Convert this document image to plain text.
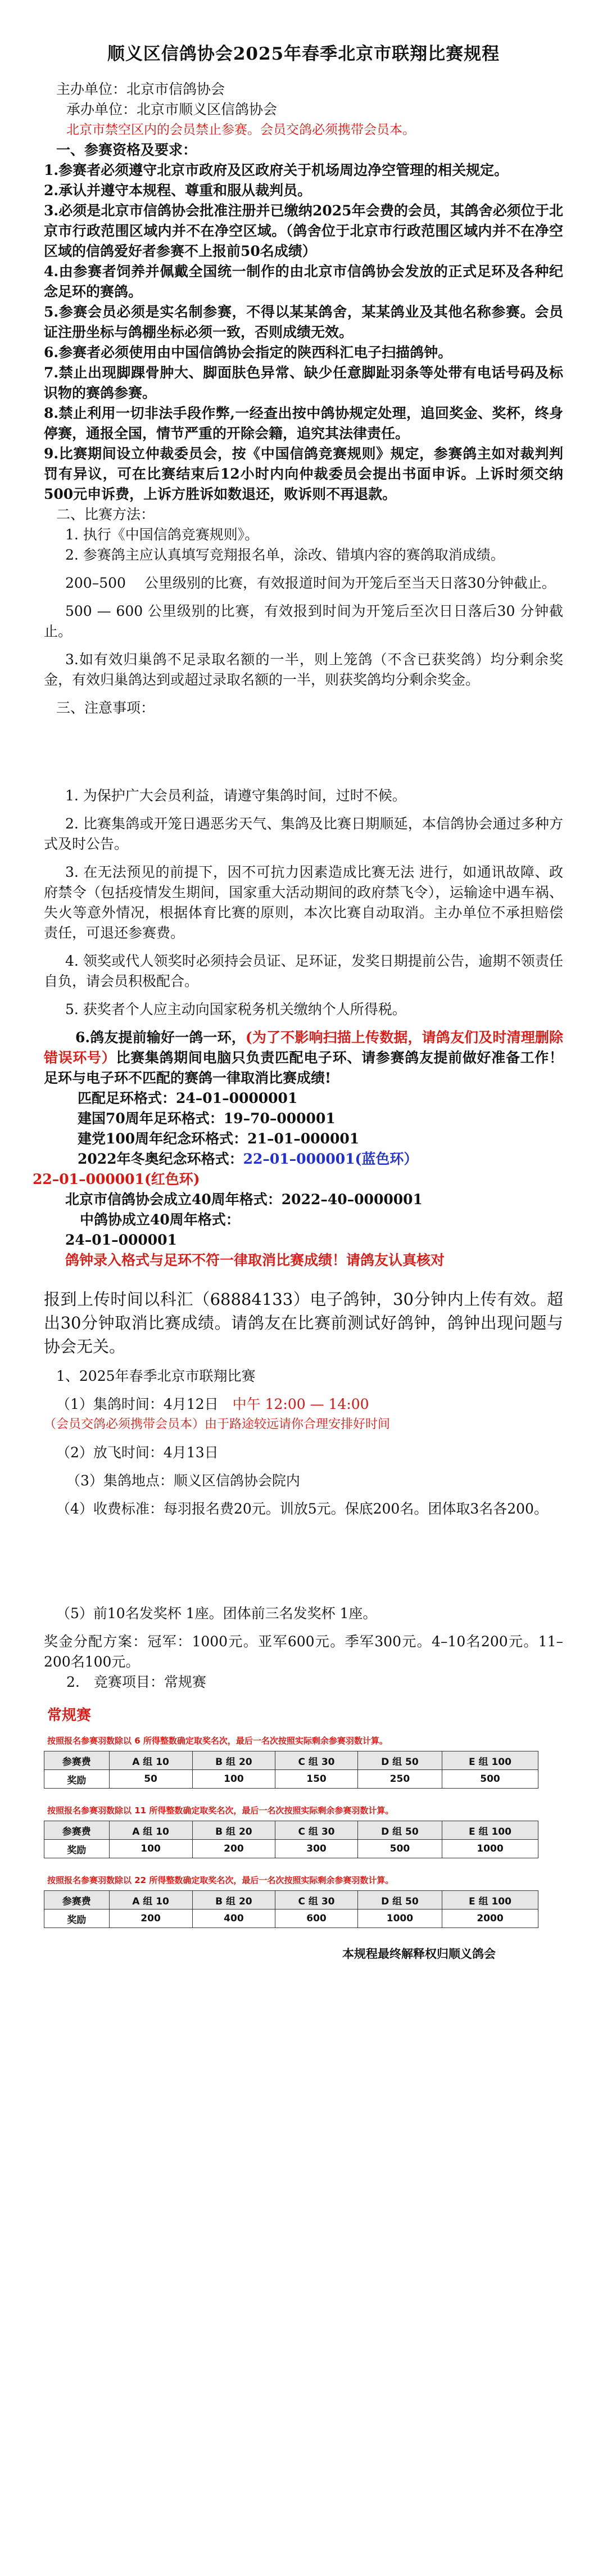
顺义区信鸽协会2025年春季北京市联翔比赛规程

主办单位：北京市信鸽协会

承办单位：北京市顺义区信鸽协会

北京市禁空区内的会员禁止参赛。会员交鸽必须携带会员本。

一、参赛资格及要求：

1.参赛者必须遵守北京市政府及区政府关于机场周边净空管理的相关规定。

2.承认并遵守本规程、尊重和服从裁判员。

3.必须是北京市信鸽协会批准注册并已缴纳2025年会费的会员，其鸽舍必须位于北京市行政范围区域内并不在净空区域。（鸽舍位于北京市行政范围区域内并不在净空区域的信鸽爱好者参赛不上报前50名成绩）

4.由参赛者饲养并佩戴全国统一制作的由北京市信鸽协会发放的正式足环及各种纪念足环的赛鸽。

5.参赛会员必须是实名制参赛，不得以某某鸽舍，某某鸽业及其他名称参赛。会员证注册坐标与鸽棚坐标必须一致，否则成绩无效。

6.参赛者必须使用由中国信鸽协会指定的陕西科汇电子扫描鸽钟。

7.禁止出现脚踝骨肿大、脚面肤色异常、缺少任意脚趾羽条等处带有电话号码及标识物的赛鸽参赛。

8.禁止利用一切非法手段作弊,一经查出按中鸽协规定处理，追回奖金、奖杯，终身停赛，通报全国，情节严重的开除会籍，追究其法律责任。

9.比赛期间设立仲裁委员会，按《中国信鸽竞赛规则》规定，参赛鸽主如对裁判判罚有异议，可在比赛结束后12小时内向仲裁委员会提出书面申诉。上诉时须交纳500元申诉费，上诉方胜诉如数退还，败诉则不再退款。

二、比赛方法：

1. 执行《中国信鸽竞赛规则》。

2. 参赛鸽主应认真填写竞翔报名单，涂改、错填内容的赛鸽取消成绩。

200–500　 公里级别的比赛，有效报道时间为开笼后至当天日落30分钟截止。

500 — 600 公里级别的比赛，有效报到时间为开笼后至次日日落后30 分钟截止。

3.如有效归巢鸽不足录取名额的一半，则上笼鸽（不含已获奖鸽）均分剩余奖金，有效归巢鸽达到或超过录取名额的一半，则获奖鸽均分剩余奖金。

三、注意事项：

1. 为保护广大会员利益，请遵守集鸽时间，过时不候。

2. 比赛集鸽或开笼日遇恶劣天气、集鸽及比赛日期顺延，本信鸽协会通过多种方式及时公告。

3. 在无法预见的前提下，因不可抗力因素造成比赛无法 进行，如通讯故障、政府禁令（包括疫情发生期间，国家重大活动期间的政府禁飞令），运输途中遇车祸、失火等意外情况，根据体育比赛的原则，本次比赛自动取消。主办单位不承担赔偿责任，可退还参赛费。

4. 领奖或代人领奖时必须持会员证、足环证，发奖日期提前公告，逾期不领责任自负，请会员积极配合。

5. 获奖者个人应主动向国家税务机关缴纳个人所得税。

6.鸽友提前输好一鸽一环，(为了不影响扫描上传数据，请鸽友们及时清理删除错误环号）比赛集鸽期间电脑只负责匹配电子环、请参赛鸽友提前做好准备工作！足环与电子环不匹配的赛鸽一律取消比赛成绩!

匹配足环格式：24–01–0000001

建国70周年足环格式：19–70–000001

建党100周年纪念环格式：21–01–000001

2022年冬奥纪念环格式：22–01–000001(蓝色环）

22–01–000001(红色环)

北京市信鸽协会成立40周年格式：2022–40–0000001

中鸽协成立40周年格式：

24–01–000001

鸽钟录入格式与足环不符一律取消比赛成绩！请鸽友认真核对

报到上传时间以科汇（68884133）电子鸽钟，30分钟内上传有效。超出30分钟取消比赛成绩。请鸽友在比赛前测试好鸽钟，鸽钟出现问题与协会无关。

1、2025年春季北京市联翔比赛

（1）集鸽时间：4月12日　 中午 12:00 — 14:00

（会员交鸽必须携带会员本）由于路途较远请你合理安排好时间

（2）放飞时间：4月13日

（3）集鸽地点：顺义区信鸽协会院内

（4）收费标准：每羽报名费20元。训放5元。保底200名。团体取3名各200。

（5）前10名发奖杯 1座。团体前三名发奖杯 1座。

奖金分配方案：冠军：1000元。亚军600元。季军300元。4–10名200元。11–200名100元。

2.　竞赛项目：常规赛

常规赛
按照报名参赛羽数除以 6 所得整数确定取奖名次，最后一名次按照实际剩余参赛羽数计算。
参赛费	A 组 10	B 组 20	C 组 30	D 组 50	E 组 100
奖励	50	100	150	250	500
按照报名参赛羽数除以 11 所得整数确定取奖名次，最后一名次按照实际剩余参赛羽数计算。
参赛费	A 组 10	B 组 20	C 组 30	D 组 50	E 组 100
奖励	100	200	300	500	1000
按照报名参赛羽数除以 22 所得整数确定取奖名次，最后一名次按照实际剩余参赛羽数计算。
参赛费	A 组 10	B 组 20	C 组 30	D 组 50	E 组 100
奖励	200	400	600	1000	2000
本规程最终解释权归顺义鸽会
